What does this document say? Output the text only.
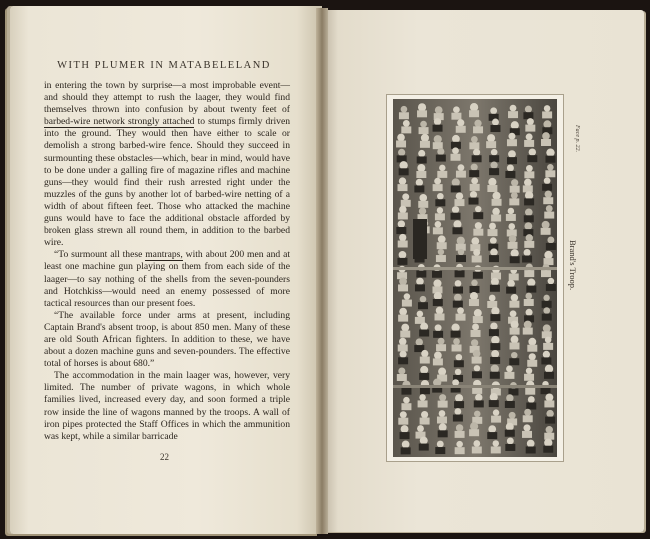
WITH PLUMER IN MATABELELAND

in entering the town by surprise—a most improbable event—and should they attempt to rush the laager, they would find themselves thrown into confusion by about twenty feet of barbed-wire network strongly attached to stumps firmly driven into the ground. They would then have either to scale or demolish a strong barbed-wire fence. Should they succeed in surmounting these obstacles—which, bear in mind, would have to be done under a galling fire of magazine rifles and machine guns—they would find their rush arrested right under the muzzles of the guns by another lot of barbed-wire netting of a width of about fifteen feet. Those who attacked the machine guns would have to face the additional obstacle afforded by broken glass strewn all round them, in addition to the barbed wire.

“To surmount all these mantraps, with about 200 men and at least one machine gun playing on them from each side of the laager—to say nothing of the shells from the seven-pounders and Hotchkiss—would need an enemy possessed of more tactical resources than our present foes.

“The available force under arms at present, including Captain Brand's absent troop, is about 850 men. Many of these are old South African fighters. In addition to these, we have about a dozen machine guns and seven-pounders. The effective total of horses is about 680.”

The accommodation in the main laager was, however, very limited. The number of private wagons, in which whole families lived, increased every day, and soon formed a triple row inside the line of wagons manned by the troops. A wall of iron pipes protected the Staff Offices in which the ammunition was kept, while a similar barricade

22
Brand's Troop.
Face p. 22.
